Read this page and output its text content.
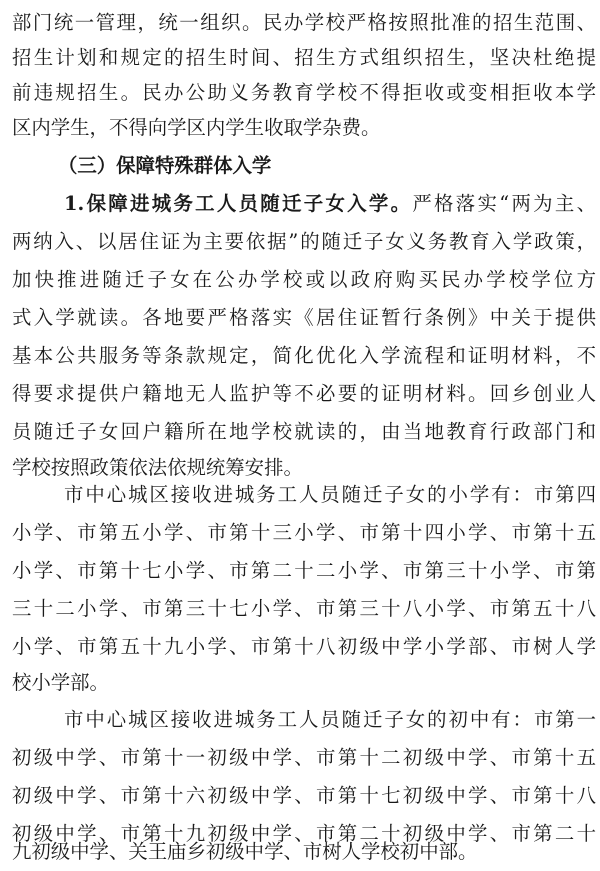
部门统一管理，统一组织。民办学校严格按照批准的招生范围、
招生计划和规定的招生时间、招生方式组织招生，坚决杜绝提
前违规招生。民办公助义务教育学校不得拒收或变相拒收本学
区内学生，不得向学区内学生收取学杂费。
（三）保障特殊群体入学
1.保障进城务工人员随迁子女入学。严格落实“两为主、
两纳入、以居住证为主要依据”的随迁子女义务教育入学政策，
加快推进随迁子女在公办学校或以政府购买民办学校学位方
式入学就读。各地要严格落实《居住证暂行条例》中关于提供
基本公共服务等条款规定，简化优化入学流程和证明材料，不
得要求提供户籍地无人监护等不必要的证明材料。回乡创业人
员随迁子女回户籍所在地学校就读的，由当地教育行政部门和
学校按照政策依法依规统筹安排。
市中心城区接收进城务工人员随迁子女的小学有：市第四
小学、市第五小学、市第十三小学、市第十四小学、市第十五
小学、市第十七小学、市第二十二小学、市第三十小学、市第
三十二小学、市第三十七小学、市第三十八小学、市第五十八
小学、市第五十九小学、市第十八初级中学小学部、市树人学
校小学部。
市中心城区接收进城务工人员随迁子女的初中有：市第一
初级中学、市第十一初级中学、市第十二初级中学、市第十五
初级中学、市第十六初级中学、市第十七初级中学、市第十八
初级中学、市第十九初级中学、市第二十初级中学、市第二十
九初级中学、关王庙乡初级中学、市树人学校初中部。
